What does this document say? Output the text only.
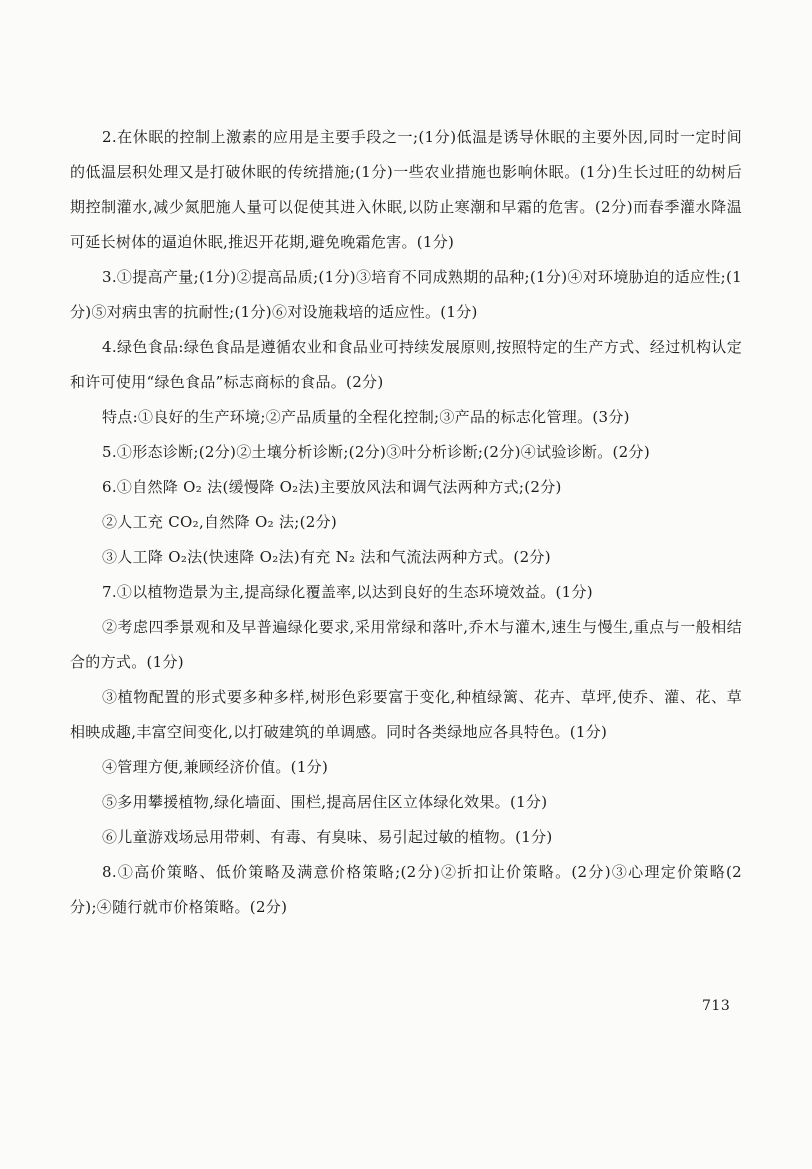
2.在休眠的控制上激素的应用是主要手段之一;(1分)低温是诱导休眠的主要外因,同时一定时间的低温层积处理又是打破休眠的传统措施;(1分)一些农业措施也影响休眠。(1分)生长过旺的幼树后期控制灌水,减少氮肥施人量可以促使其进入休眠,以防止寒潮和早霜的危害。(2分)而春季灌水降温可延长树体的逼迫休眠,推迟开花期,避免晚霜危害。(1分)

3.①提高产量;(1分)②提高品质;(1分)③培育不同成熟期的品种;(1分)④对环境胁迫的适应性;(1分)⑤对病虫害的抗耐性;(1分)⑥对设施栽培的适应性。(1分)

4.绿色食品:绿色食品是遵循农业和食品业可持续发展原则,按照特定的生产方式、经过机构认定和许可使用“绿色食品”标志商标的食品。(2分)

特点:①良好的生产环境;②产品质量的全程化控制;③产品的标志化管理。(3分)

5.①形态诊断;(2分)②土壤分析诊断;(2分)③叶分析诊断;(2分)④试验诊断。(2分)

6.①自然降 O₂ 法(缓慢降 O₂法)主要放风法和调气法两种方式;(2分)

②人工充 CO₂,自然降 O₂ 法;(2分)

③人工降 O₂法(快速降 O₂法)有充 N₂ 法和气流法两种方式。(2分)

7.①以植物造景为主,提高绿化覆盖率,以达到良好的生态环境效益。(1分)

②考虑四季景观和及早普遍绿化要求,采用常绿和落叶,乔木与灌木,速生与慢生,重点与一般相结合的方式。(1分)

③植物配置的形式要多种多样,树形色彩要富于变化,种植绿篱、花卉、草坪,使乔、灌、花、草相映成趣,丰富空间变化,以打破建筑的单调感。同时各类绿地应各具特色。(1分)

④管理方便,兼顾经济价值。(1分)

⑤多用攀援植物,绿化墙面、围栏,提高居住区立体绿化效果。(1分)

⑥儿童游戏场忌用带刺、有毒、有臭味、易引起过敏的植物。(1分)

8.①高价策略、低价策略及满意价格策略;(2分)②折扣让价策略。(2分)③心理定价策略(2分);④随行就市价格策略。(2分)

713
